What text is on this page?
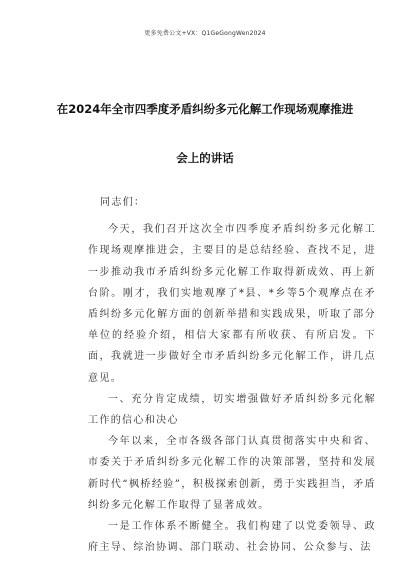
更多免费公文+VX：Q1GeGongWen2024
在2024年全市四季度矛盾纠纷多元化解工作现场观摩推进
会上的讲话

同志们：

今天，我们召开这次全市四季度矛盾纠纷多元化解工作现场观摩推进会，主要目的是总结经验、查找不足，进一步推动我市矛盾纠纷多元化解工作取得新成效、再上新台阶。刚才，我们实地观摩了*县、*乡等5个观摩点在矛盾纠纷多元化解方面的创新举措和实践成果，听取了部分单位的经验介绍，相信大家都有所收获、有所启发。下面，我就进一步做好全市矛盾纠纷多元化解工作，讲几点意见。

一、充分肯定成绩，切实增强做好矛盾纠纷多元化解工作的信心和决心

今年以来，全市各级各部门认真贯彻落实中央和省、市委关于矛盾纠纷多元化解工作的决策部署，坚持和发展新时代“枫桥经验”，积极探索创新，勇于实践担当，矛盾纠纷多元化解工作取得了显著成效。

一是工作体系不断健全。我们构建了以党委领导、政府主导、综治协调、部门联动、社会协同、公众参与、法
